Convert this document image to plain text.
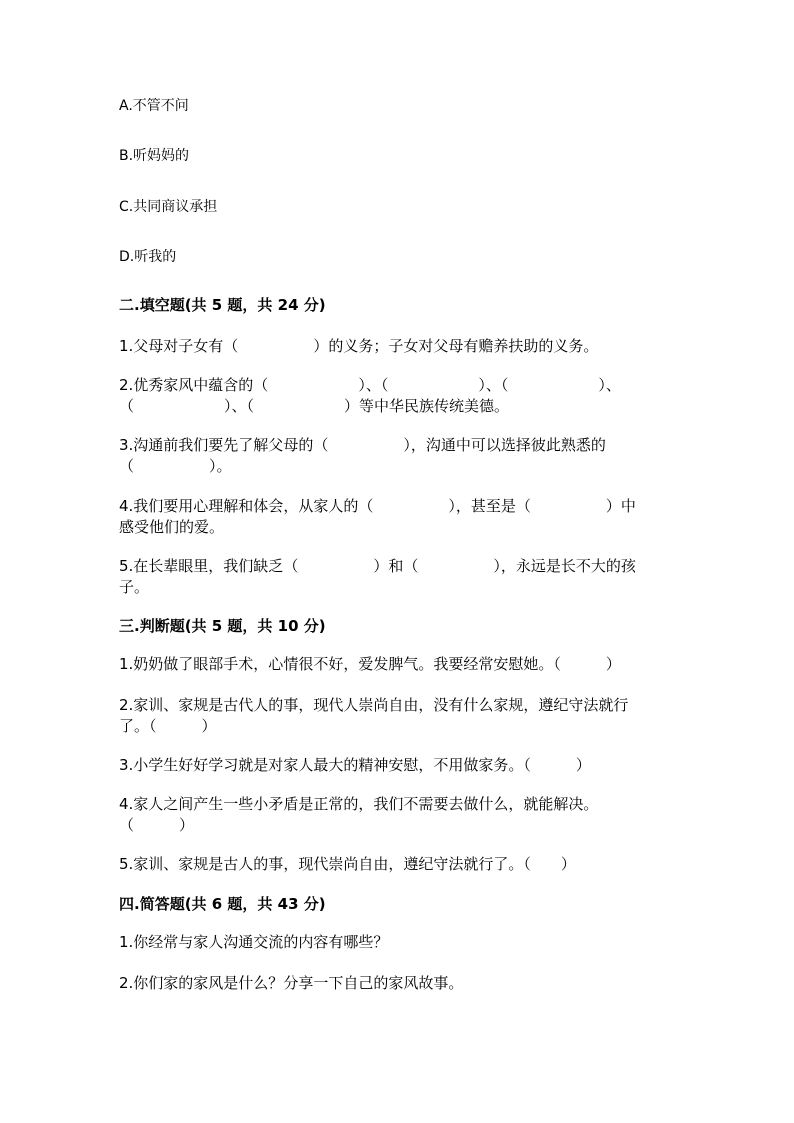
A.不管不问
B.听妈妈的
C.共同商议承担
D.听我的
二.填空题(共 5 题，共 24 分)
1.父母对子女有（　　　　　）的义务；子女对父母有赡养扶助的义务。
2.优秀家风中蕴含的（　　　　　　）、（　　　　　　）、（　　　　　　）、
（　　　　　　）、（　　　　　　）等中华民族传统美德。
3.沟通前我们要先了解父母的（　　　　　），沟通中可以选择彼此熟悉的
（　　　　　）。
4.我们要用心理解和体会，从家人的（　　　　　），甚至是（　　　　　）中
感受他们的爱。
5.在长辈眼里，我们缺乏（　　　　　）和（　　　　　），永远是长不大的孩
子。
三.判断题(共 5 题，共 10 分)
1.奶奶做了眼部手术，心情很不好，爱发脾气。我要经常安慰她。（　　　）
2.家训、家规是古代人的事，现代人崇尚自由，没有什么家规，遵纪守法就行
了。（　　　）
3.小学生好好学习就是对家人最大的精神安慰，不用做家务。（　　　）
4.家人之间产生一些小矛盾是正常的，我们不需要去做什么，就能解决。
（　　　）
5.家训、家规是古人的事，现代崇尚自由，遵纪守法就行了。（　　）
四.简答题(共 6 题，共 43 分)
1.你经常与家人沟通交流的内容有哪些？
2.你们家的家风是什么？分享一下自己的家风故事。
